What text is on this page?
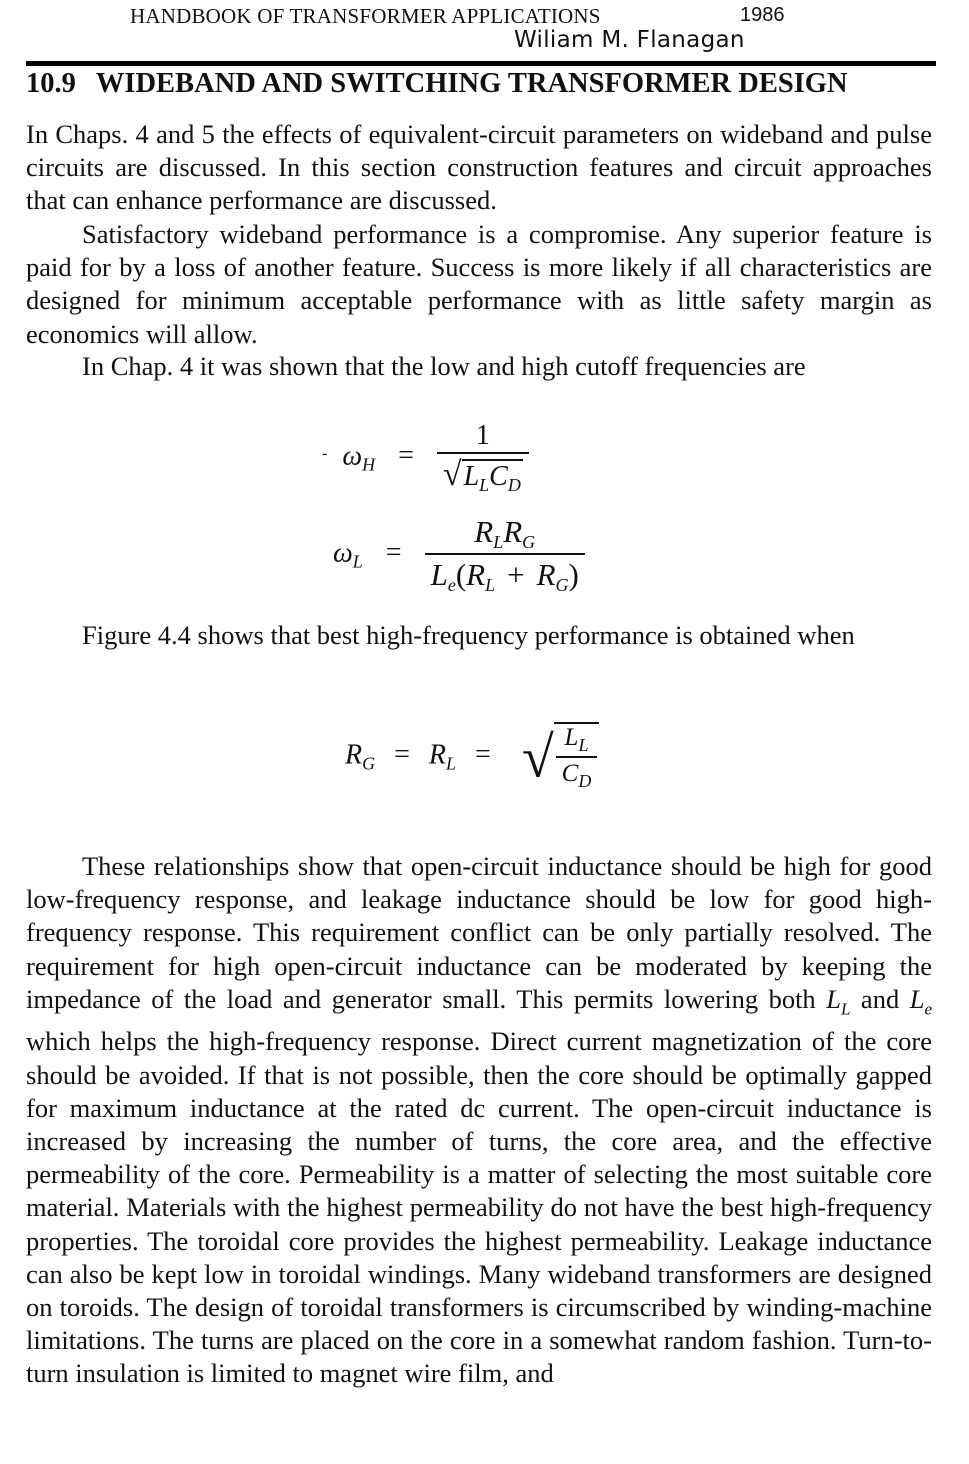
HANDBOOK OF TRANSFORMER APPLICATIONS	1986
Wiliam M. Flanagan
10.9 WIDEBAND AND SWITCHING TRANSFORMER DESIGN
In Chaps. 4 and 5 the effects of equivalent-circuit parameters on wideband and pulse circuits are discussed. In this section construction features and circuit approaches that can enhance performance are discussed.
Satisfactory wideband performance is a compromise. Any superior feature is paid for by a loss of another feature. Success is more likely if all characteristics are designed for minimum acceptable performance with as little safety margin as economics will allow.
In Chap. 4 it was shown that the low and high cutoff frequencies are
- $\omega_H = \frac{1}{√L_LC_D}$
$\omega_L = \frac{R_LR_G}{L_e(R_L + R_G)}$
Figure 4.4 shows that best high-frequency performance is obtained when
$R_G = R_L$ = √ $\frac{L_L}{C_D}$
These relationships show that open-circuit inductance should be high for good low-frequency response, and leakage inductance should be low for good high-frequency response. This requirement conflict can be only partially resolved. The requirement for high open-circuit inductance can be moderated by keeping the impedance of the load and generator small. This permits lowering both $L_L$ and $L_e$ which helps the high-frequency response. Direct current magnetization of the core should be avoided. If that is not possible, then the core should be optimally gapped for maximum inductance at the rated dc current. The open-circuit inductance is increased by increasing the number of turns, the core area, and the effective permeability of the core. Permeability is a matter of selecting the most suitable core material. Materials with the highest permeability do not have the best high-frequency properties. The toroidal core provides the highest permeability. Leakage inductance can also be kept low in toroidal windings. Many wideband transformers are designed on toroids. The design of toroidal transformers is circumscribed by winding-machine limitations. The turns are placed on the core in a somewhat random fashion. Turn-to-turn insulation is limited to magnet wire film, and
